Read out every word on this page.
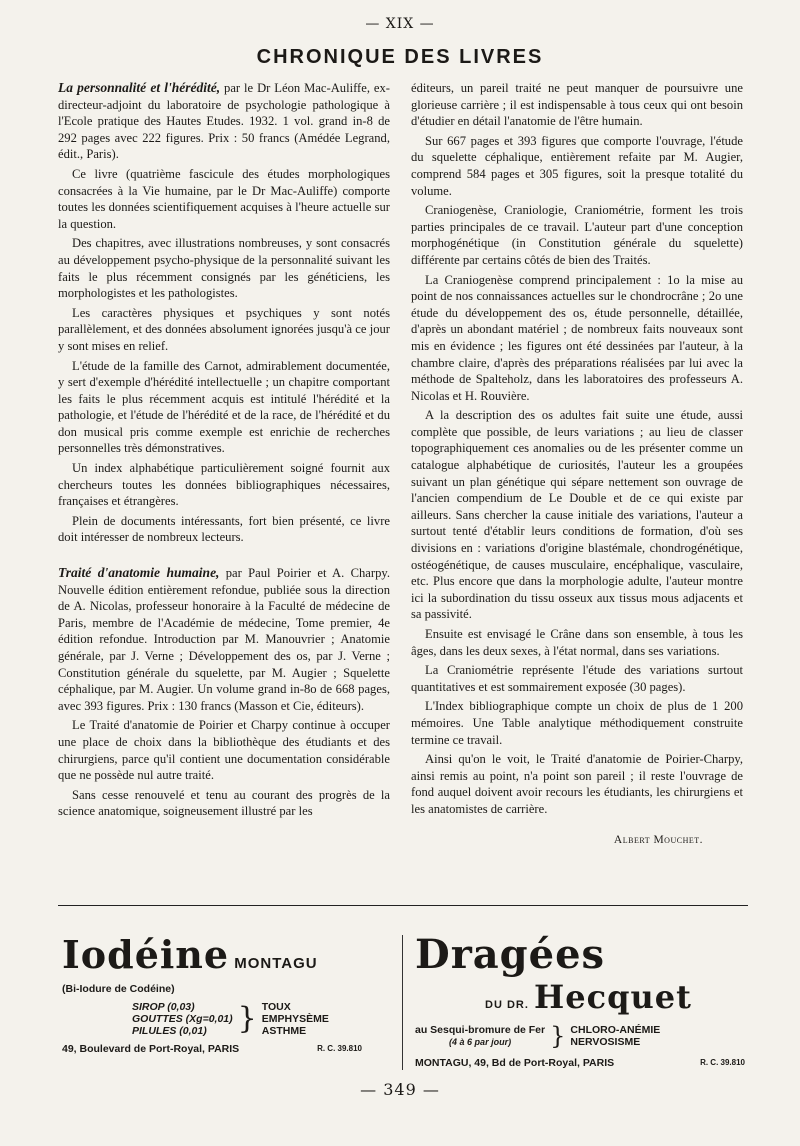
— XIX —
CHRONIQUE DES LIVRES

La personnalité et l'hérédité, par le Dr Léon Mac-Auliffe, ex-directeur-adjoint du laboratoire de psychologie pathologique à l'Ecole pratique des Hautes Etudes. 1932. 1 vol. grand in-8 de 292 pages avec 222 figures. Prix : 50 francs (Amédée Legrand, édit., Paris).

Ce livre (quatrième fascicule des études morphologiques consacrées à la Vie humaine, par le Dr Mac-Auliffe) comporte toutes les données scientifiquement acquises à l'heure actuelle sur la question.

Des chapitres, avec illustrations nombreuses, y sont consacrés au développement psycho-physique de la personnalité suivant les faits le plus récemment consignés par les généticiens, les morphologistes et les pathologistes.

Les caractères physiques et psychiques y sont notés parallèlement, et des données absolument ignorées jusqu'à ce jour y sont mises en relief.

L'étude de la famille des Carnot, admirablement documentée, y sert d'exemple d'hérédité intellectuelle ; un chapitre comportant les faits le plus récemment acquis est intitulé l'hérédité et la pathologie, et l'étude de l'hérédité et de la race, de l'hérédité et du don musical pris comme exemple est enrichie de recherches personnelles très démonstratives.

Un index alphabétique particulièrement soigné fournit aux chercheurs toutes les données bibliographiques nécessaires, françaises et étrangères.

Plein de documents intéressants, fort bien présenté, ce livre doit intéresser de nombreux lecteurs.

Traité d'anatomie humaine, par Paul Poirier et A. Charpy. Nouvelle édition entièrement refondue, publiée sous la direction de A. Nicolas, professeur honoraire à la Faculté de médecine de Paris, membre de l'Académie de médecine, Tome premier, 4e édition refondue. Introduction par M. Manouvrier ; Anatomie générale, par J. Verne ; Développement des os, par J. Verne ; Constitution générale du squelette, par M. Augier ; Squelette céphalique, par M. Augier. Un volume grand in-8o de 668 pages, avec 393 figures. Prix : 130 francs (Masson et Cie, éditeurs).

Le Traité d'anatomie de Poirier et Charpy continue à occuper une place de choix dans la bibliothèque des étudiants et des chirurgiens, parce qu'il contient une documentation considérable que ne possède nul autre traité.

Sans cesse renouvelé et tenu au courant des progrès de la science anatomique, soigneusement illustré par les

éditeurs, un pareil traité ne peut manquer de poursuivre une glorieuse carrière ; il est indispensable à tous ceux qui ont besoin d'étudier en détail l'anatomie de l'être humain.

Sur 667 pages et 393 figures que comporte l'ouvrage, l'étude du squelette céphalique, entièrement refaite par M. Augier, comprend 584 pages et 305 figures, soit la presque totalité du volume.

Craniogenèse, Craniologie, Craniométrie, forment les trois parties principales de ce travail. L'auteur part d'une conception morphogénétique (in Constitution générale du squelette) différente par certains côtés de bien des Traités.

La Craniogenèse comprend principalement : 1o la mise au point de nos connaissances actuelles sur le chondrocrâne ; 2o une étude du développement des os, étude personnelle, détaillée, d'après un abondant matériel ; de nombreux faits nouveaux sont mis en évidence ; les figures ont été dessinées par l'auteur, à la chambre claire, d'après des préparations réalisées par lui avec la méthode de Spalteholz, dans les laboratoires des professeurs A. Nicolas et H. Rouvière.

A la description des os adultes fait suite une étude, aussi complète que possible, de leurs variations ; au lieu de classer topographiquement ces anomalies ou de les présenter comme un catalogue alphabétique de curiosités, l'auteur les a groupées suivant un plan génétique qui sépare nettement son ouvrage de l'ancien compendium de Le Double et de ce qui existe par ailleurs. Sans chercher la cause initiale des variations, l'auteur a surtout tenté d'établir leurs conditions de formation, d'où ses divisions en : variations d'origine blastémale, chondrogénétique, ostéogénétique, de causes musculaire, encéphalique, vasculaire, etc. Plus encore que dans la morphologie adulte, l'auteur montre ici la subordination du tissu osseux aux tissus mous adjacents et sa passivité.

Ensuite est envisagé le Crâne dans son ensemble, à tous les âges, dans les deux sexes, à l'état normal, dans ses variations.

La Craniométrie représente l'étude des variations surtout quantitatives et est sommairement exposée (30 pages).

L'Index bibliographique compte un choix de plus de 1 200 mémoires. Une Table analytique méthodiquement construite termine ce travail.

Ainsi qu'on le voit, le Traité d'anatomie de Poirier-Charpy, ainsi remis au point, n'a point son pareil ; il reste l'ouvrage de fond auquel doivent avoir recours les étudiants, les chirurgiens et les anatomistes de carrière.

Albert Mouchet.
Iodéine MONTAGU
(Bi-Iodure de Codéine)
SIROP (0,03)
GOUTTES (Xg=0,01)
PILULES (0,01)	} TOUX
EMPHYSÈME
ASTHME
49, Boulevard de Port-Royal, PARIS	R. C. 39.810
Dragées
DU DR. Hecquet
au Sesqui-bromure de Fer
(4 à 6 par jour)	} CHLORO-ANÉMIE
NERVOSISME
MONTAGU, 49, Bd de Port-Royal, PARIS	R. C. 39.810
— 349 —
